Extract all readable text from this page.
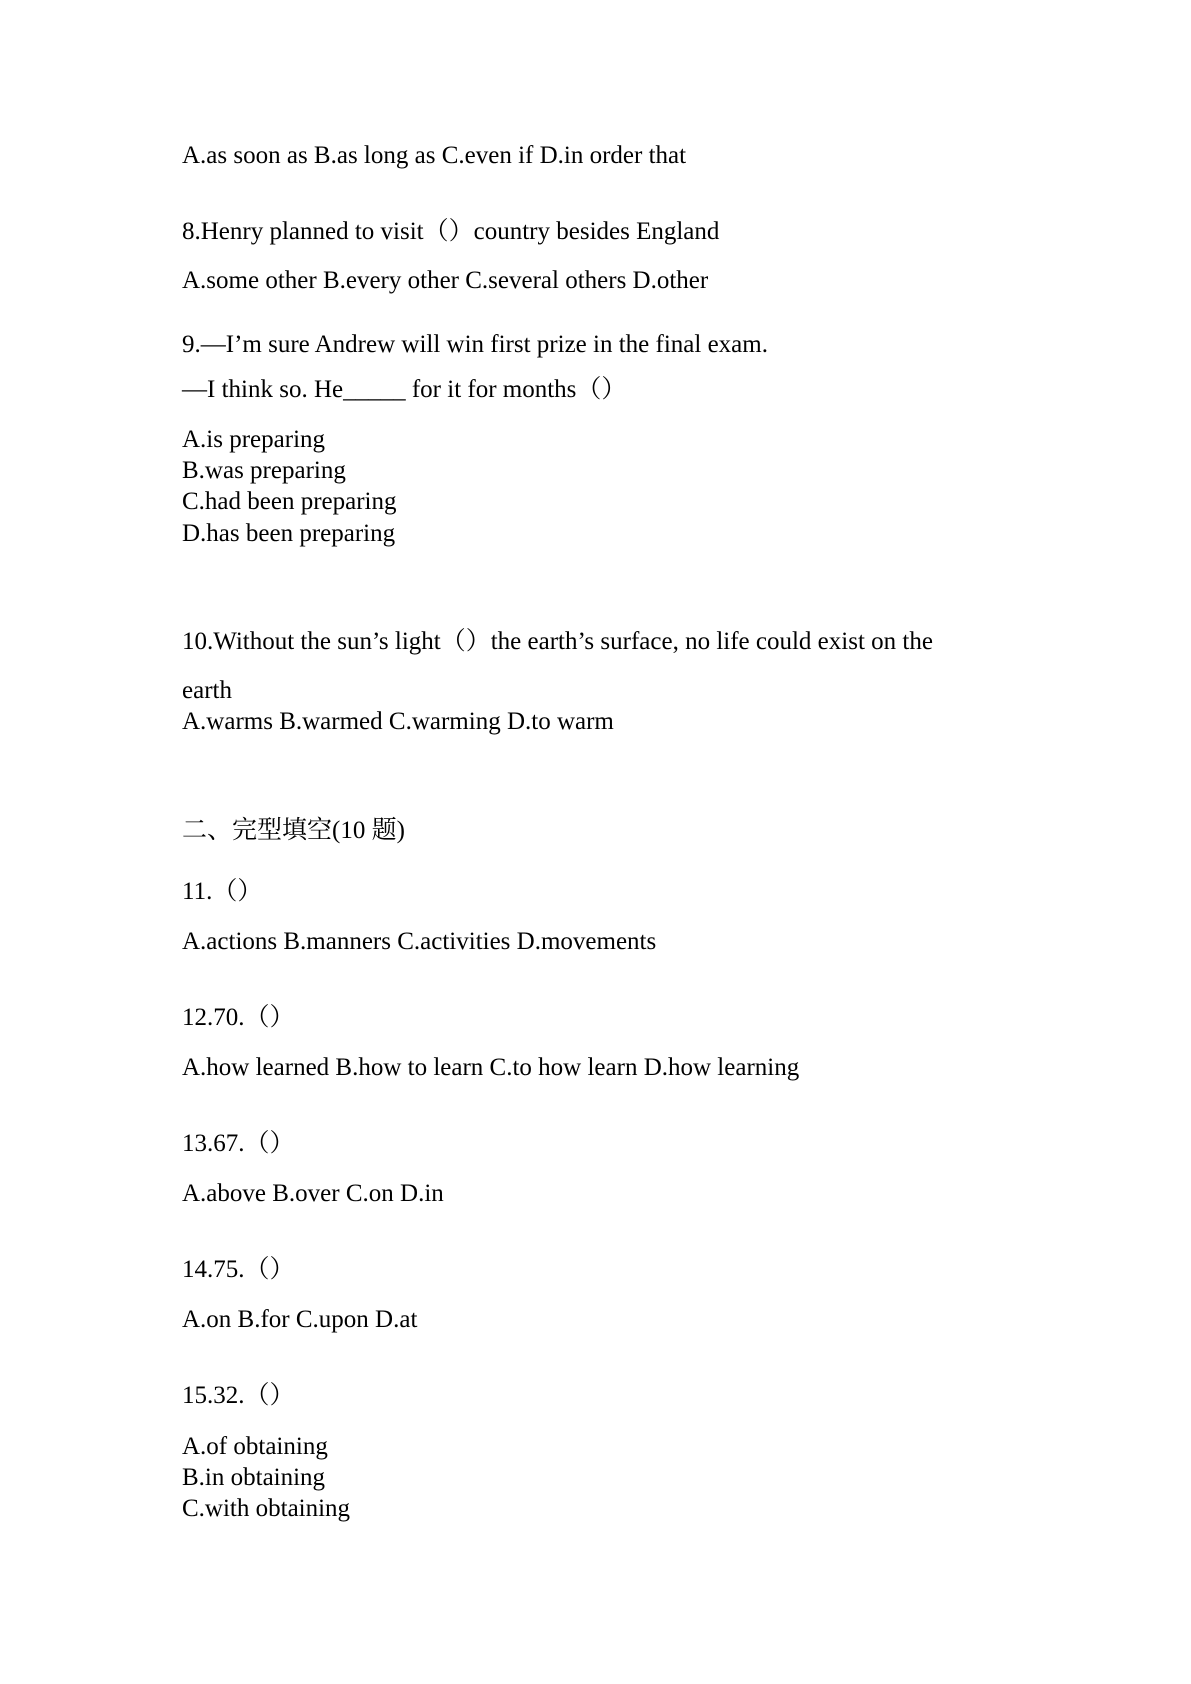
A.as soon as B.as long as C.even if D.in order that
8.Henry planned to visit（）country besides England
A.some other B.every other C.several others D.other
9.—I’m sure Andrew will win first prize in the final exam.
—I think so. He_____ for it for months（）
A.is preparing
B.was preparing
C.had been preparing
D.has been preparing
10.Without the sun’s light（）the earth’s surface, no life could exist on the
earth
A.warms B.warmed C.warming D.to warm
二、完型填空(10 题)
11.（）
A.actions B.manners C.activities D.movements
12.70.（）
A.how learned B.how to learn C.to how learn D.how learning
13.67.（）
A.above B.over C.on D.in
14.75.（）
A.on B.for C.upon D.at
15.32.（）
A.of obtaining
B.in obtaining
C.with obtaining
